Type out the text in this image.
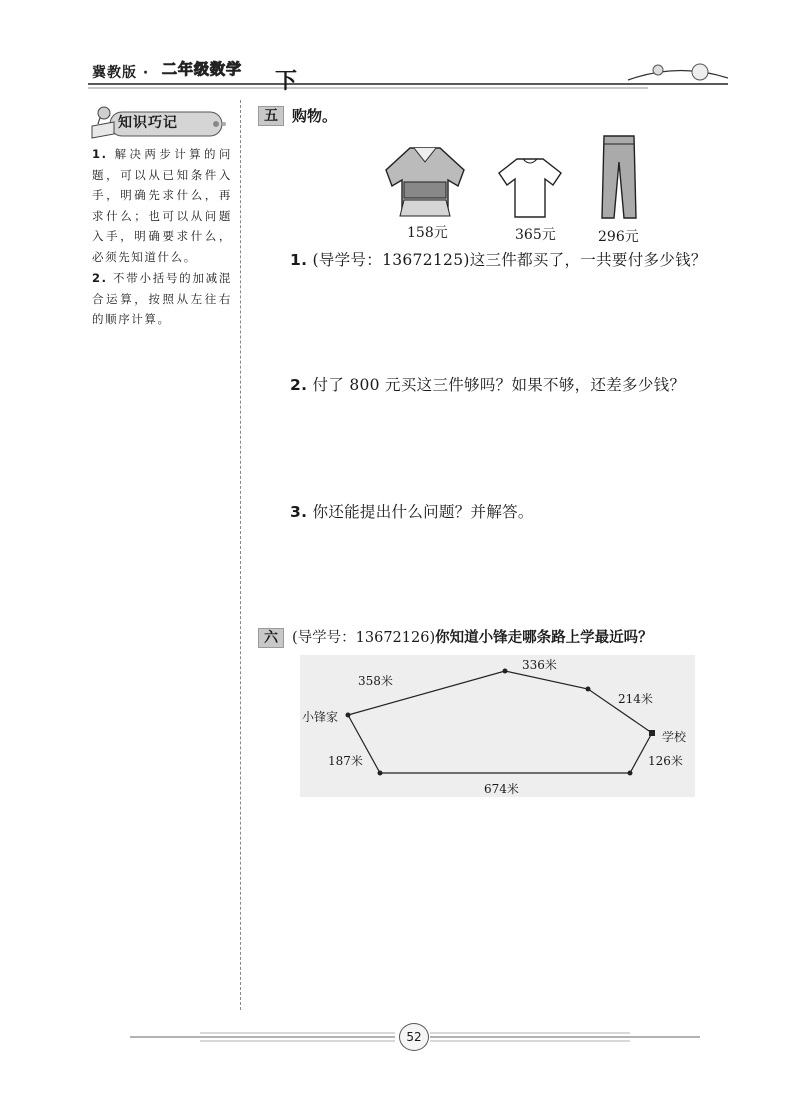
冀教版 · 二年级数学 下
知识巧记
1. 解决两步计算的问题，可以从已知条件入手，明确先求什么，再求什么；也可以从问题入手，明确要求什么，必须先知道什么。
2. 不带小括号的加减混合运算，按照从左往右的顺序计算。
五 购物。
158元	365元	296元
1. (导学号：13672125)这三件都买了，一共要付多少钱？
2. 付了 800 元买这三件够吗？如果不够，还差多少钱？
3. 你还能提出什么问题？并解答。
六 (导学号：13672126)你知道小锋走哪条路上学最近吗？
小锋家
学校
358米
336米
214米
187米
674米
126米
52
